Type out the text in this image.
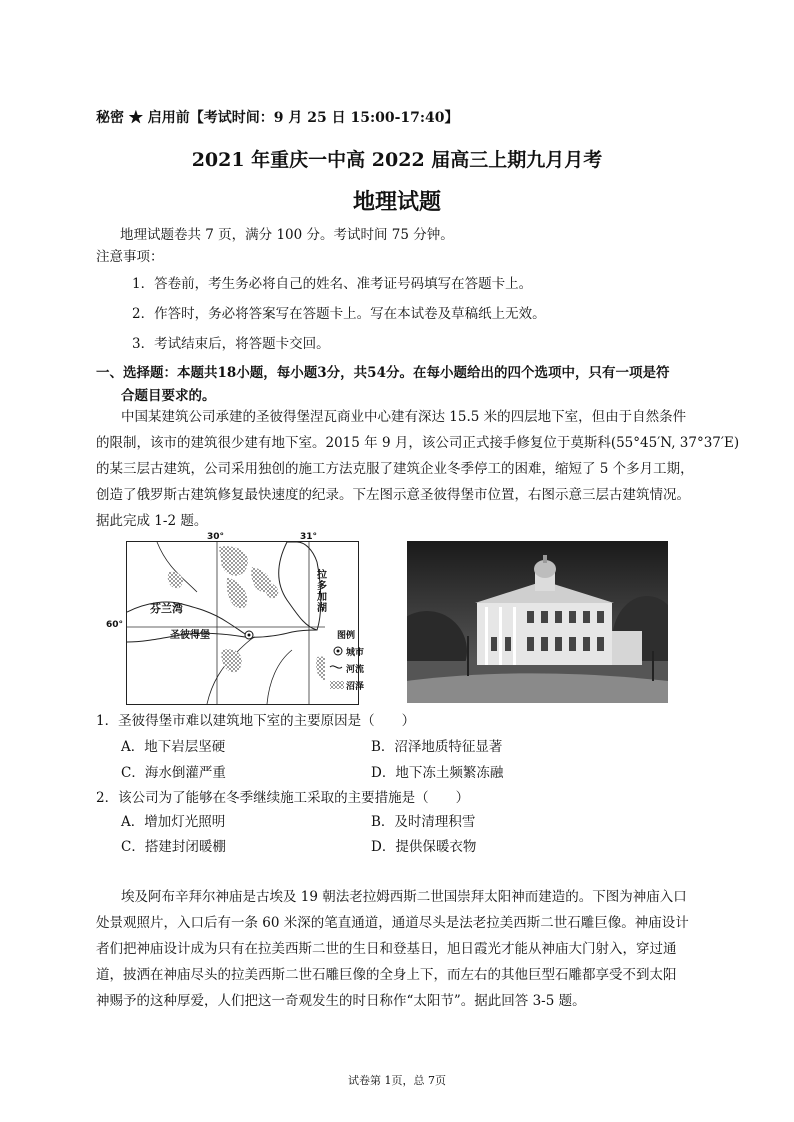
秘密 ★ 启用前【考试时间：9 月 25 日 15:00-17:40】
2021 年重庆一中高 2022 届高三上期九月月考
地理试题
地理试题卷共 7 页，满分 100 分。考试时间 75 分钟。
注意事项：
1．答卷前，考生务必将自己的姓名、准考证号码填写在答题卡上。
2．作答时，务必将答案写在答题卡上。写在本试卷及草稿纸上无效。
3．考试结束后，将答题卡交回。
一、选择题：本题共18小题，每小题3分，共54分。在每小题给出的四个选项中，只有一项是符
合题目要求的。
中国某建筑公司承建的圣彼得堡涅瓦商业中心建有深达 15.5 米的四层地下室，但由于自然条件
的限制，该市的建筑很少建有地下室。2015 年 9 月，该公司正式接手修复位于莫斯科(55°45′N, 37°37′E)
的某三层古建筑，公司采用独创的施工方法克服了建筑企业冬季停工的困难，缩短了 5 个多月工期，
创造了俄罗斯古建筑修复最快速度的纪录。下左图示意圣彼得堡市位置，右图示意三层古建筑情况。
据此完成 1-2 题。
芬兰湾
圣彼得堡
拉多加湖
图例
城市
河流
沼泽
30°	31°
60°
1．圣彼得堡市难以建筑地下室的主要原因是（　　）
A．地下岩层坚硬	B．沼泽地质特征显著
C．海水倒灌严重	D．地下冻土频繁冻融
2．该公司为了能够在冬季继续施工采取的主要措施是（　　）
A．增加灯光照明	B．及时清理积雪
C．搭建封闭暖棚	D．提供保暖衣物
埃及阿布辛拜尔神庙是古埃及 19 朝法老拉姆西斯二世国崇拜太阳神而建造的。下图为神庙入口
处景观照片，入口后有一条 60 米深的笔直通道，通道尽头是法老拉美西斯二世石雕巨像。神庙设计
者们把神庙设计成为只有在拉美西斯二世的生日和登基日，旭日霞光才能从神庙大门射入，穿过通
道，披洒在神庙尽头的拉美西斯二世石雕巨像的全身上下，而左右的其他巨型石雕都享受不到太阳
神赐予的这种厚爱，人们把这一奇观发生的时日称作“太阳节”。据此回答 3-5 题。
试卷第 1页，总 7页
